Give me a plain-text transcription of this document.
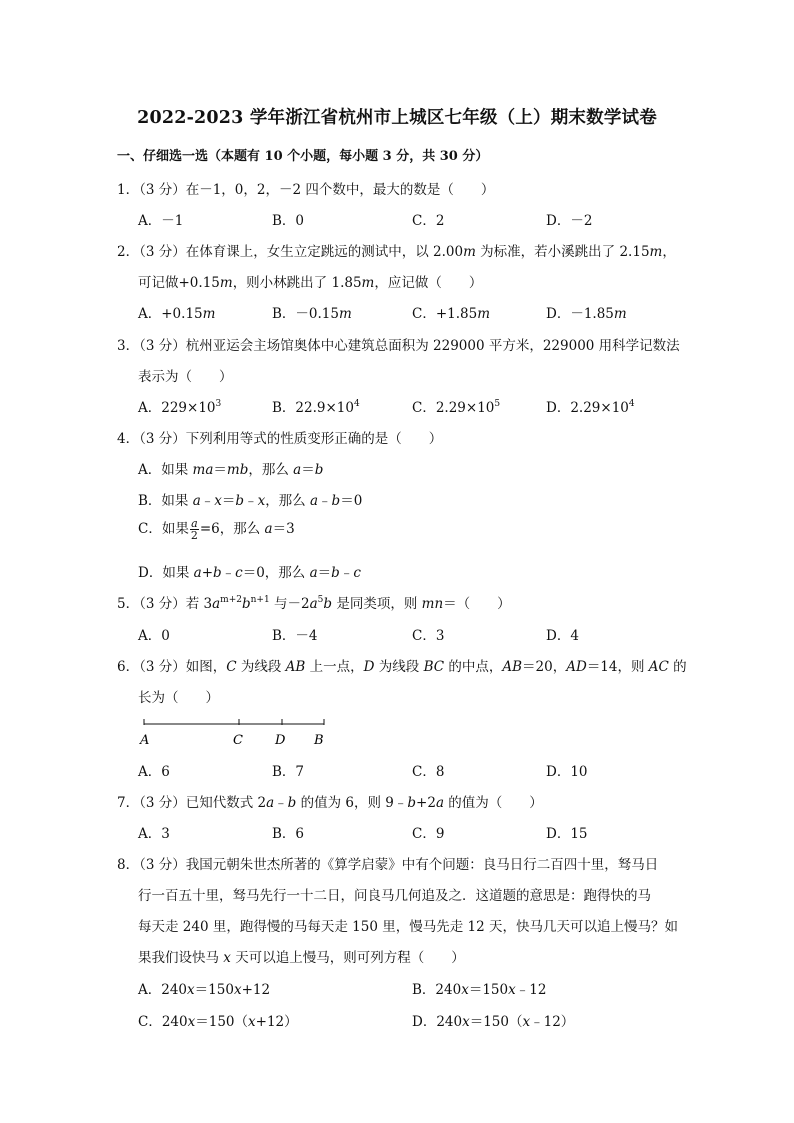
2022-2023 学年浙江省杭州市上城区七年级（上）期末数学试卷
一、仔细选一选（本题有 10 个小题，每小题 3 分，共 30 分）
1．（3 分）在－1，0，2，－2 四个数中，最大的数是（　　）
A．－1	B．0	C．2	D．－2
2．（3 分）在体育课上，女生立定跳远的测试中，以 2.00m 为标准，若小溪跳出了 2.15m，
可记做+0.15m，则小林跳出了 1.85m，应记做（　　）
A．+0.15m	B．－0.15m	C．+1.85m	D．－1.85m
3．（3 分）杭州亚运会主场馆奥体中心建筑总面积为 229000 平方米，229000 用科学记数法
表示为（　　）
A．$229\times 10^3$	B．$22.9\times 10^4$	C．$2.29\times 10^5$	D．$2.29\times 10^4$
4．（3 分）下列利用等式的性质变形正确的是（　　）
A．如果 ma＝mb，那么 a＝b
B．如果 a﹣x＝b﹣x，那么 a﹣b＝0
C．如果 $\frac{a}{2} =6$，那么 a＝3
D．如果 a+b﹣c＝0，那么 a＝b﹣c
5．（3 分）若 $3a^{m+2}b^{n+1}$ 与$-2a^5b$ 是同类项，则 mn＝（　　）
A．0	B．－4	C．3	D．4
6．（3 分）如图，C 为线段 AB 上一点，D 为线段 BC 的中点，AB＝20，AD＝14，则 AC 的
长为（　　）
A	C D B
A．6	B．7	C．8	D．10
7．（3 分）已知代数式 2a﹣b 的值为 6，则 9﹣b+2a 的值为（　　）
A．3	B．6	C．9	D．15
8．（3 分）我国元朝朱世杰所著的《算学启蒙》中有个问题：良马日行二百四十里，驽马日
行一百五十里，驽马先行一十二日，问良马几何追及之．这道题的意思是：跑得快的马
每天走 240 里，跑得慢的马每天走 150 里，慢马先走 12 天，快马几天可以追上慢马？如
果我们设快马 x 天可以追上慢马，则可列方程（　　）
A．240x＝150x+12	B．240x＝150x﹣12
C．240x＝150（x+12）	D．240x＝150（x﹣12）
